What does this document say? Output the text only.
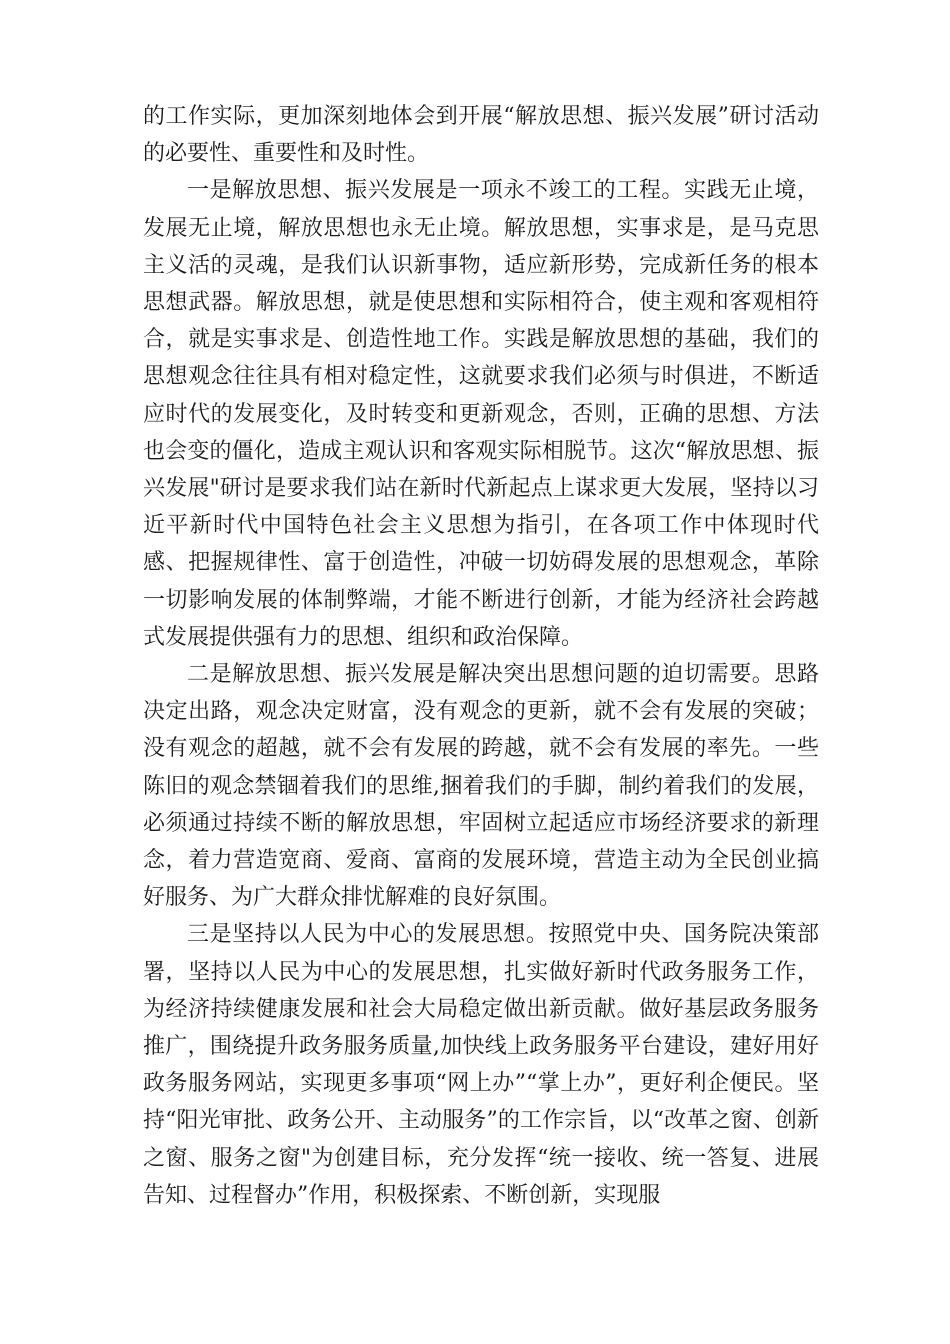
的工作实际，更加深刻地体会到开展“解放思想、振兴发展”研讨活动的必要性、重要性和及时性。

一是解放思想、振兴发展是一项永不竣工的工程。实践无止境，发展无止境，解放思想也永无止境。解放思想，实事求是，是马克思主义活的灵魂，是我们认识新事物，适应新形势，完成新任务的根本思想武器。解放思想，就是使思想和实际相符合，使主观和客观相符合，就是实事求是、创造性地工作。实践是解放思想的基础，我们的思想观念往往具有相对稳定性，这就要求我们必须与时俱进，不断适应时代的发展变化，及时转变和更新观念，否则，正确的思想、方法也会变的僵化，造成主观认识和客观实际相脱节。这次“解放思想、振兴发展"研讨是要求我们站在新时代新起点上谋求更大发展，坚持以习近平新时代中国特色社会主义思想为指引，在各项工作中体现时代感、把握规律性、富于创造性，冲破一切妨碍发展的思想观念，革除一切影响发展的体制弊端，才能不断进行创新，才能为经济社会跨越式发展提供强有力的思想、组织和政治保障。

二是解放思想、振兴发展是解决突出思想问题的迫切需要。思路决定出路，观念决定财富，没有观念的更新，就不会有发展的突破；没有观念的超越，就不会有发展的跨越，就不会有发展的率先。一些陈旧的观念禁锢着我们的思维,捆着我们的手脚，制约着我们的发展，必须通过持续不断的解放思想，牢固树立起适应市场经济要求的新理念，着力营造宽商、爱商、富商的发展环境，营造主动为全民创业搞好服务、为广大群众排忧解难的良好氛围。

三是坚持以人民为中心的发展思想。按照党中央、国务院决策部署，坚持以人民为中心的发展思想，扎实做好新时代政务服务工作，为经济持续健康发展和社会大局稳定做出新贡献。做好基层政务服务推广，围绕提升政务服务质量,加快线上政务服务平台建设，建好用好政务服务网站，实现更多事项“网上办”“掌上办”，更好利企便民。坚持“阳光审批、政务公开、主动服务”的工作宗旨，以“改革之窗、创新之窗、服务之窗"为创建目标，充分发挥“统一接收、统一答复、进展告知、过程督办”作用，积极探索、不断创新，实现服
